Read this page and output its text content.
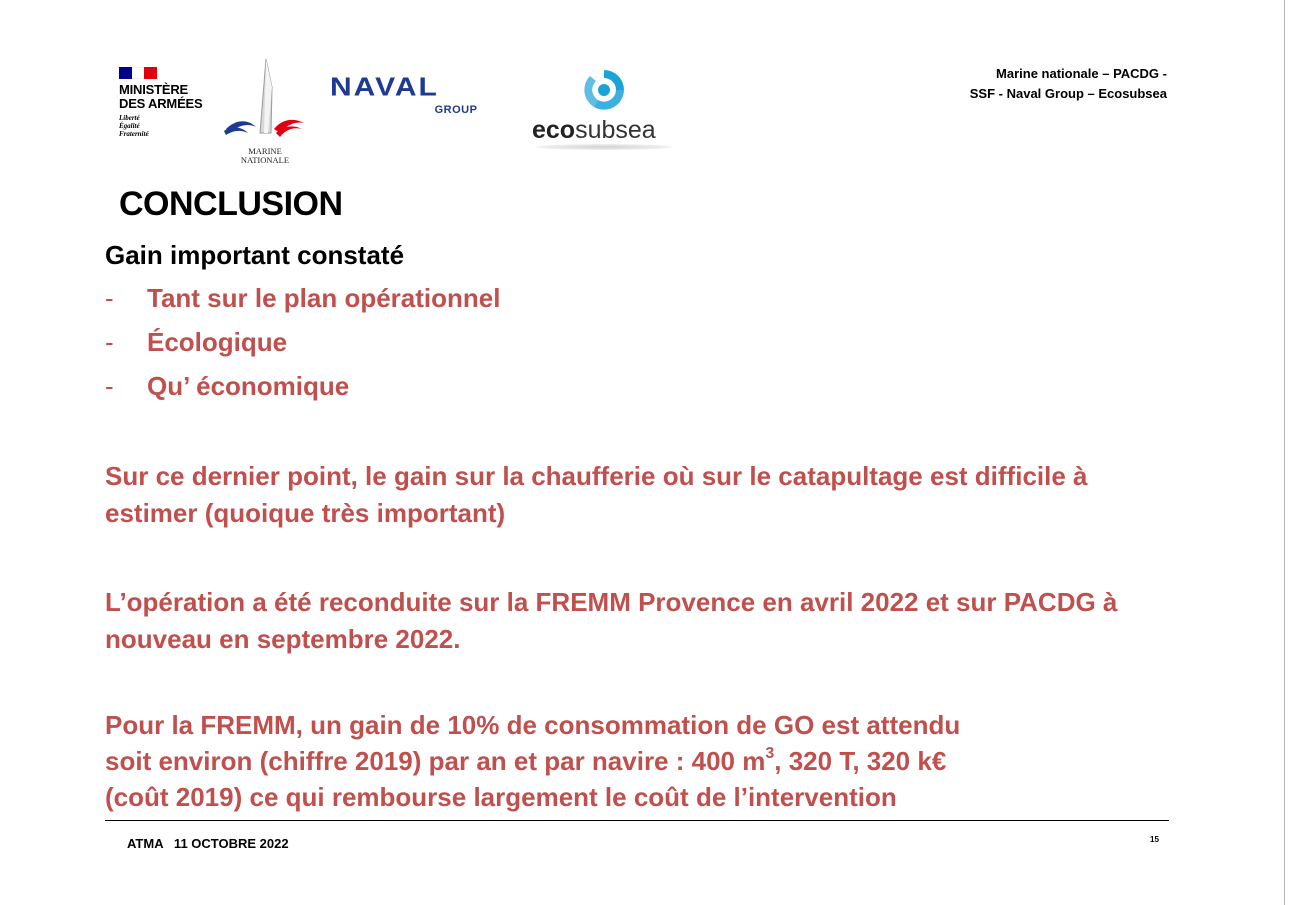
MINISTÈRE
DES ARMÉES
Liberté
Égalité
Fraternité
MARINE
NATIONALE
NAVAL
GROUP
ecosubsea
Marine nationale – PACDG -
SSF - Naval Group – Ecosubsea
CONCLUSION
Gain important constaté
-	Tant sur le plan opérationnel
-	Écologique
-	Qu’ économique

Sur ce dernier point, le gain sur la chaufferie où sur le catapultage est difficile à estimer (quoique très important)

L’opération a été reconduite sur la FREMM Provence en avril 2022 et sur PACDG à nouveau en septembre 2022.

Pour la FREMM, un gain de 10% de consommation de GO est attendu
soit environ (chiffre 2019) par an et par navire : 400 $m^3$, 320 T, 320 k€
(coût 2019) ce qui rembourse largement le coût de l’intervention
ATMA   11 OCTOBRE 2022	15
